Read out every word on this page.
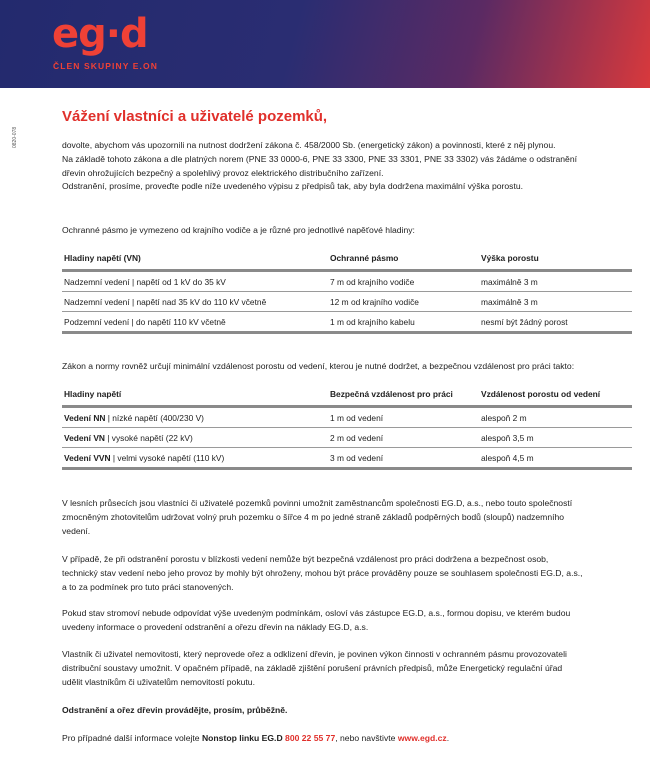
eg·d
ČLEN SKUPINY E.ON
0820-078
Vážení vlastníci a uživatelé pozemků,
dovolte, abychom vás upozornili na nutnost dodržení zákona č. 458/2000 Sb. (energetický zákon) a povinnosti, které z něj plynou.
Na základě tohoto zákona a dle platných norem (PNE 33 0000-6, PNE 33 3300, PNE 33 3301, PNE 33 3302) vás žádáme o odstranění
dřevin ohrožujících bezpečný a spolehlivý provoz elektrického distribučního zařízení.
Odstranění, prosíme, proveďte podle níže uvedeného výpisu z předpisů tak, aby byla dodržena maximální výška porostu.
Ochranné pásmo je vymezeno od krajního vodiče a je různé pro jednotlivé napěťové hladiny:
Hladiny napětí (VN)	Ochranné pásmo	Výška porostu
Nadzemní vedení | napětí od 1 kV do 35 kV	7 m od krajního vodiče	maximálně 3 m
Nadzemní vedení | napětí nad 35 kV do 110 kV včetně	12 m od krajního vodiče	maximálně 3 m
Podzemní vedení | do napětí 110 kV včetně	1 m od krajního kabelu	nesmí být žádný porost
Zákon a normy rovněž určují minimální vzdálenost porostu od vedení, kterou je nutné dodržet, a bezpečnou vzdálenost pro práci takto:
Hladiny napětí	Bezpečná vzdálenost pro práci	Vzdálenost porostu od vedení
Vedení NN | nízké napětí (400/230 V)	1 m od vedení	alespoň 2 m
Vedení VN | vysoké napětí (22 kV)	2 m od vedení	alespoň 3,5 m
Vedení VVN | velmi vysoké napětí (110 kV)	3 m od vedení	alespoň 4,5 m
V lesních průsecích jsou vlastníci či uživatelé pozemků povinni umožnit zaměstnancům společnosti EG.D, a.s., nebo touto společností
zmocněným zhotovitelům udržovat volný pruh pozemku o šířce 4 m po jedné straně základů podpěrných bodů (sloupů) nadzemního
vedení.
V případě, že při odstranění porostu v blízkosti vedení nemůže být bezpečná vzdálenost pro práci dodržena a bezpečnost osob,
technický stav vedení nebo jeho provoz by mohly být ohroženy, mohou být práce prováděny pouze se souhlasem společnosti EG.D, a.s.,
a to za podmínek pro tuto práci stanovených.
Pokud stav stromoví nebude odpovídat výše uvedeným podmínkám, osloví vás zástupce EG.D, a.s., formou dopisu, ve kterém budou
uvedeny informace o provedení odstranění a ořezu dřevin na náklady EG.D, a.s.
Vlastník či uživatel nemovitosti, který neprovede ořez a odklizení dřevin, je povinen výkon činnosti v ochranném pásmu provozovateli
distribuční soustavy umožnit. V opačném případě, na základě zjištění porušení právních předpisů, může Energetický regulační úřad
udělit vlastníkům či uživatelům nemovitostí pokutu.
Odstranění a ořez dřevin provádějte, prosím, průběžně.
Pro případné další informace volejte Nonstop linku EG.D 800 22 55 77, nebo navštivte www.egd.cz.
